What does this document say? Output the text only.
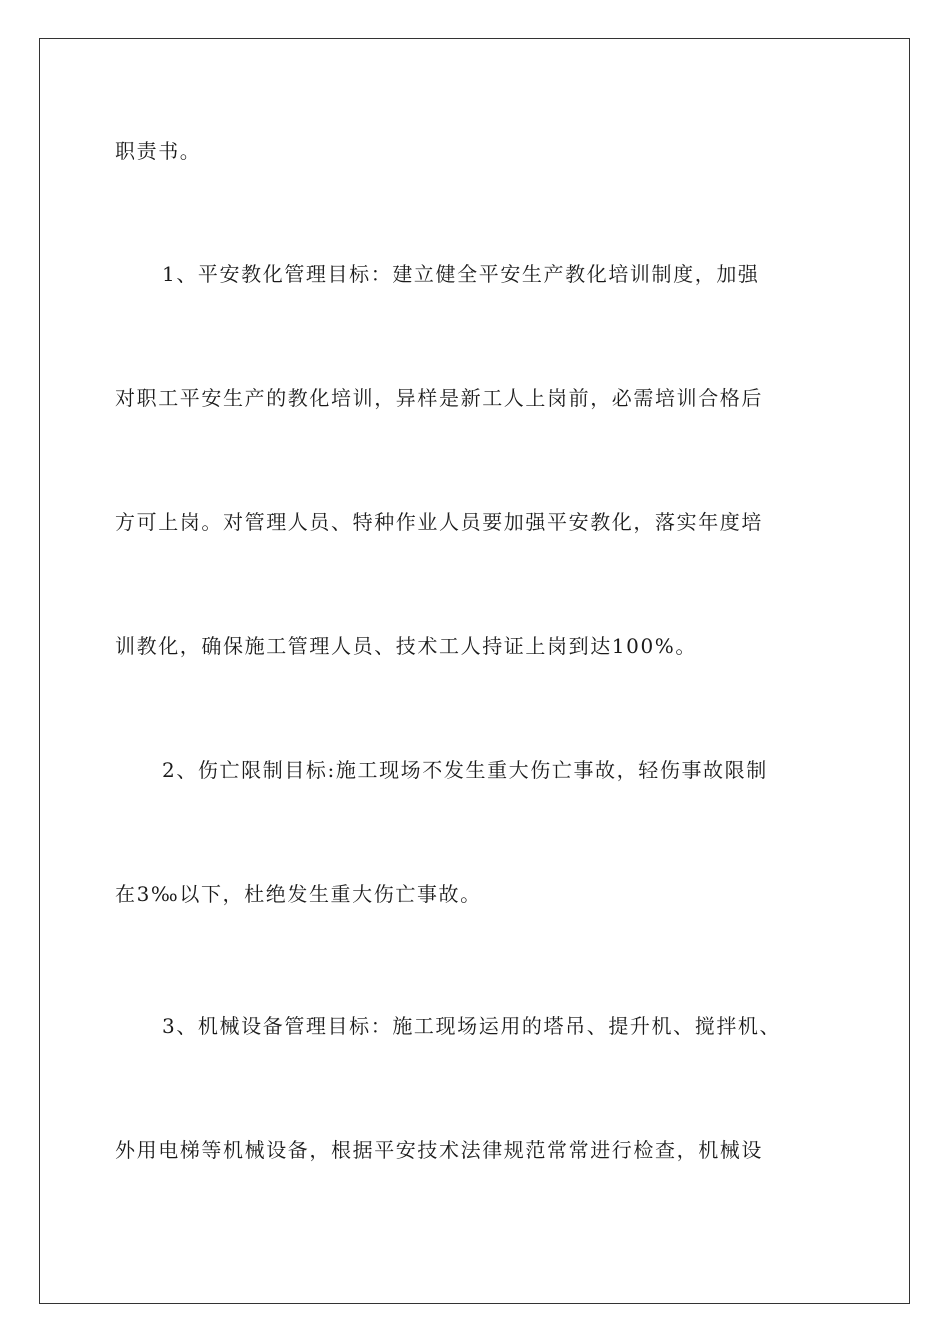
职责书。

1、平安教化管理目标：建立健全平安生产教化培训制度，加强

对职工平安生产的教化培训，异样是新工人上岗前，必需培训合格后

方可上岗。对管理人员、特种作业人员要加强平安教化，落实年度培

训教化，确保施工管理人员、技术工人持证上岗到达100%。

2、伤亡限制目标:施工现场不发生重大伤亡事故，轻伤事故限制

在3‰以下，杜绝发生重大伤亡事故。

3、机械设备管理目标：施工现场运用的塔吊、提升机、搅拌机、

外用电梯等机械设备，根据平安技术法律规范常常进行检查，机械设
